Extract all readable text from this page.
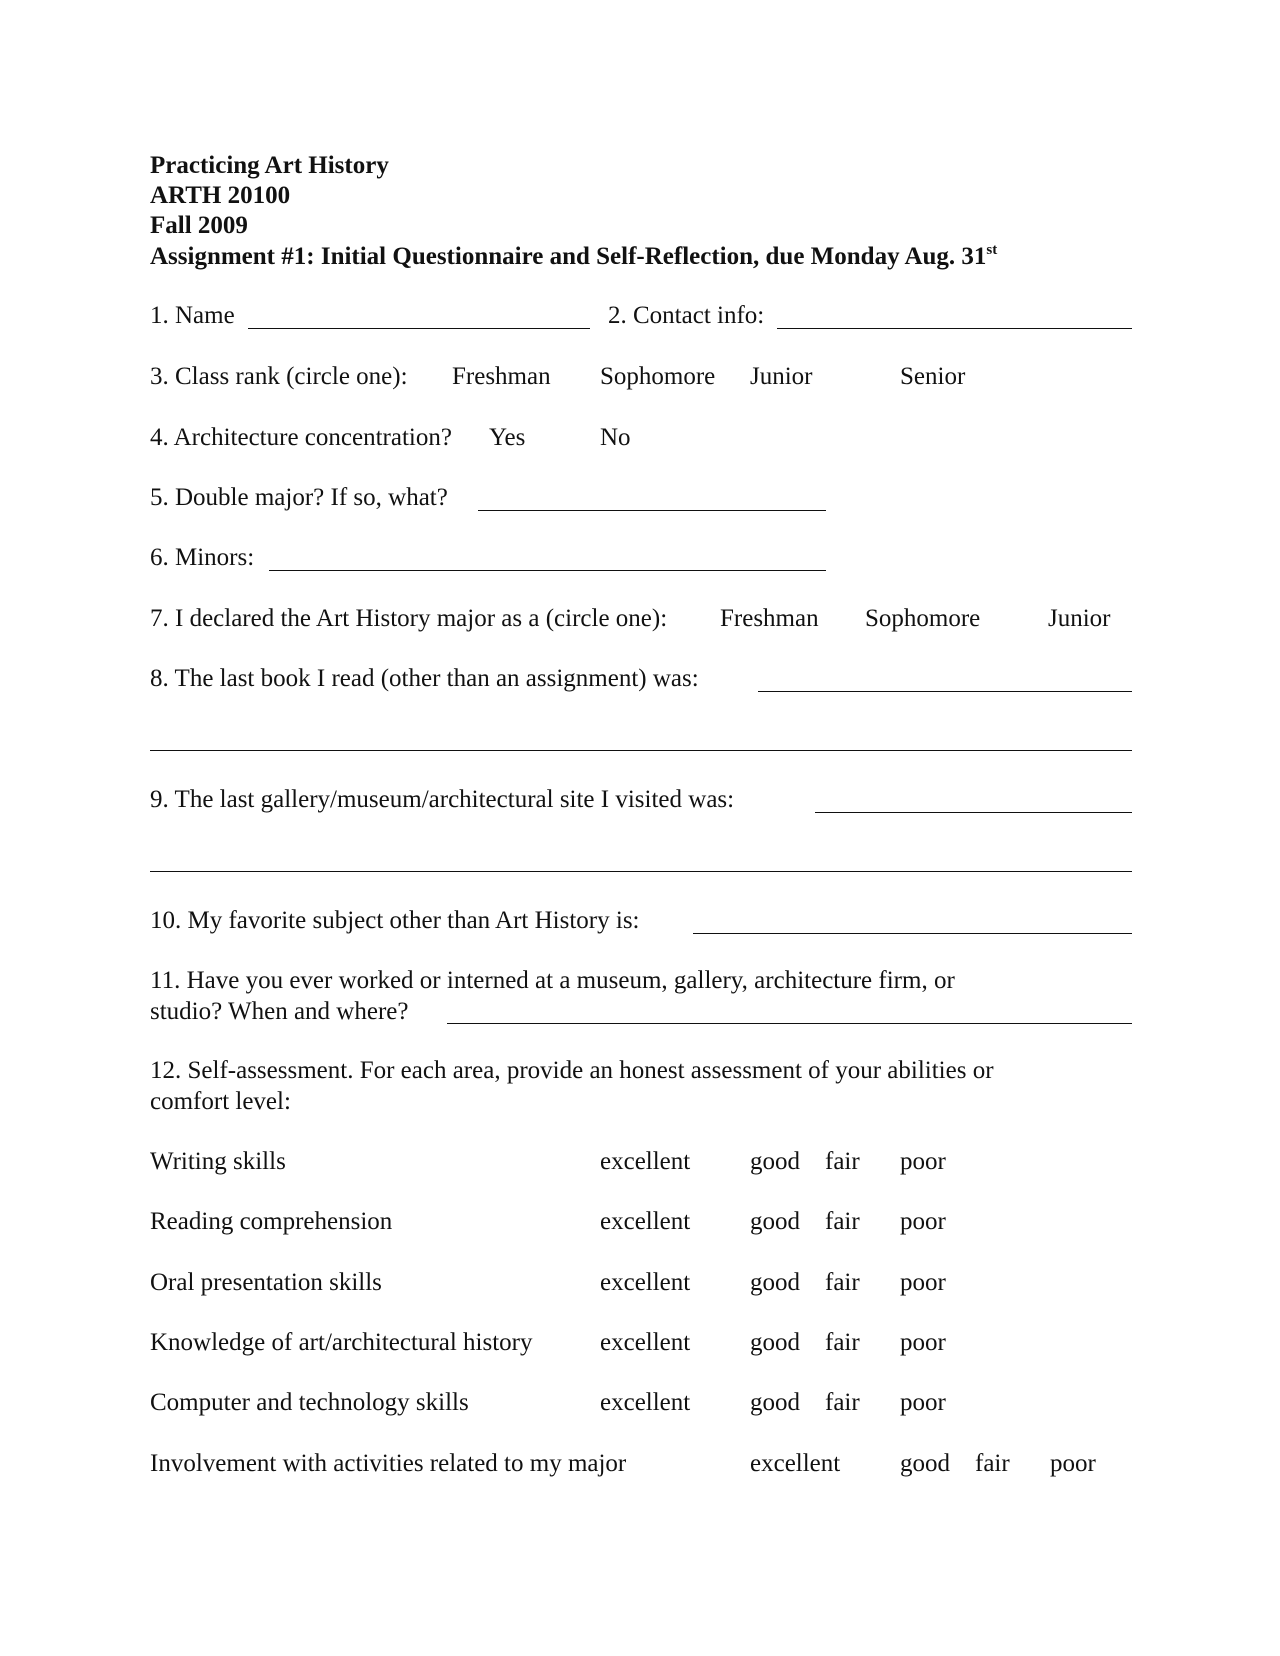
Practicing Art History
ARTH 20100
Fall 2009
Assignment #1: Initial Questionnaire and Self-Reflection, due Monday Aug. 31st
1. Name	2. Contact info:
3. Class rank (circle one): Freshman Sophomore Junior	Senior
4. Architecture concentration? Yes	No
5. Double major? If so, what?
6. Minors:
7. I declared the Art History major as a (circle one): Freshman Sophomore	Junior
8. The last book I read (other than an assignment) was:
9. The last gallery/museum/architectural site I visited was:
10. My favorite subject other than Art History is:
11. Have you ever worked or interned at a museum, gallery, architecture firm, or
studio? When and where?
12. Self-assessment. For each area, provide an honest assessment of your abilities or
comfort level:
Writing skills	excellent good fair poor
Reading comprehension	excellent good fair poor
Oral presentation skills	excellent good fair poor
Knowledge of art/architectural history	excellent good fair poor
Computer and technology skills	excellent good fair poor
Involvement with activities related to my major	excellent good fair poor
